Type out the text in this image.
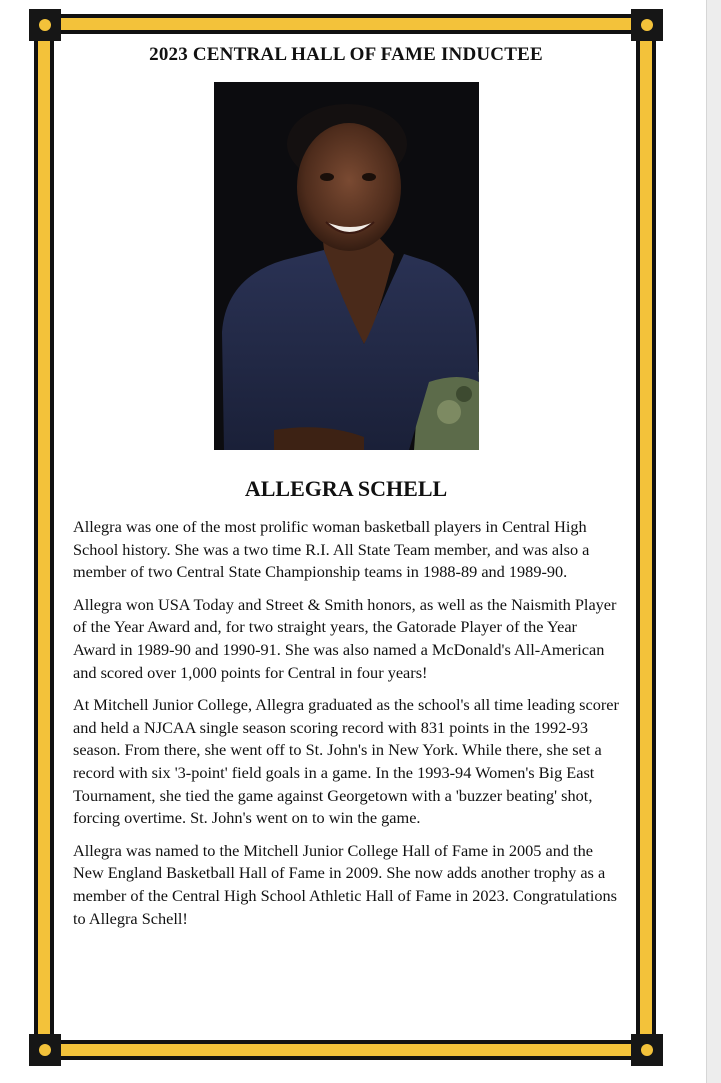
2023 CENTRAL HALL OF FAME INDUCTEE
ALLEGRA SCHELL

Allegra was one of the most prolific woman basketball players in Central High School history. She was a two time R.I. All State Team member, and was also a member of two Central State Championship teams in 1988-89 and 1989-90.

Allegra won USA Today and Street & Smith honors, as well as the Naismith Player of the Year Award and, for two straight years, the Gatorade Player of the Year Award in 1989-90 and 1990-91. She was also named a McDonald's All-American and scored over 1,000 points for Central in four years!

At Mitchell Junior College, Allegra graduated as the school's all time leading scorer and held a NJCAA single season scoring record with 831 points in the 1992-93 season. From there, she went off to St. John's in New York. While there, she set a record with six '3-point' field goals in a game. In the 1993-94 Women's Big East Tournament, she tied the game against Georgetown with a 'buzzer beating' shot, forcing overtime. St. John's went on to win the game.

Allegra was named to the Mitchell Junior College Hall of Fame in 2005 and the New England Basketball Hall of Fame in 2009. She now adds another trophy as a member of the Central High School Athletic Hall of Fame in 2023. Congratulations to Allegra Schell!
